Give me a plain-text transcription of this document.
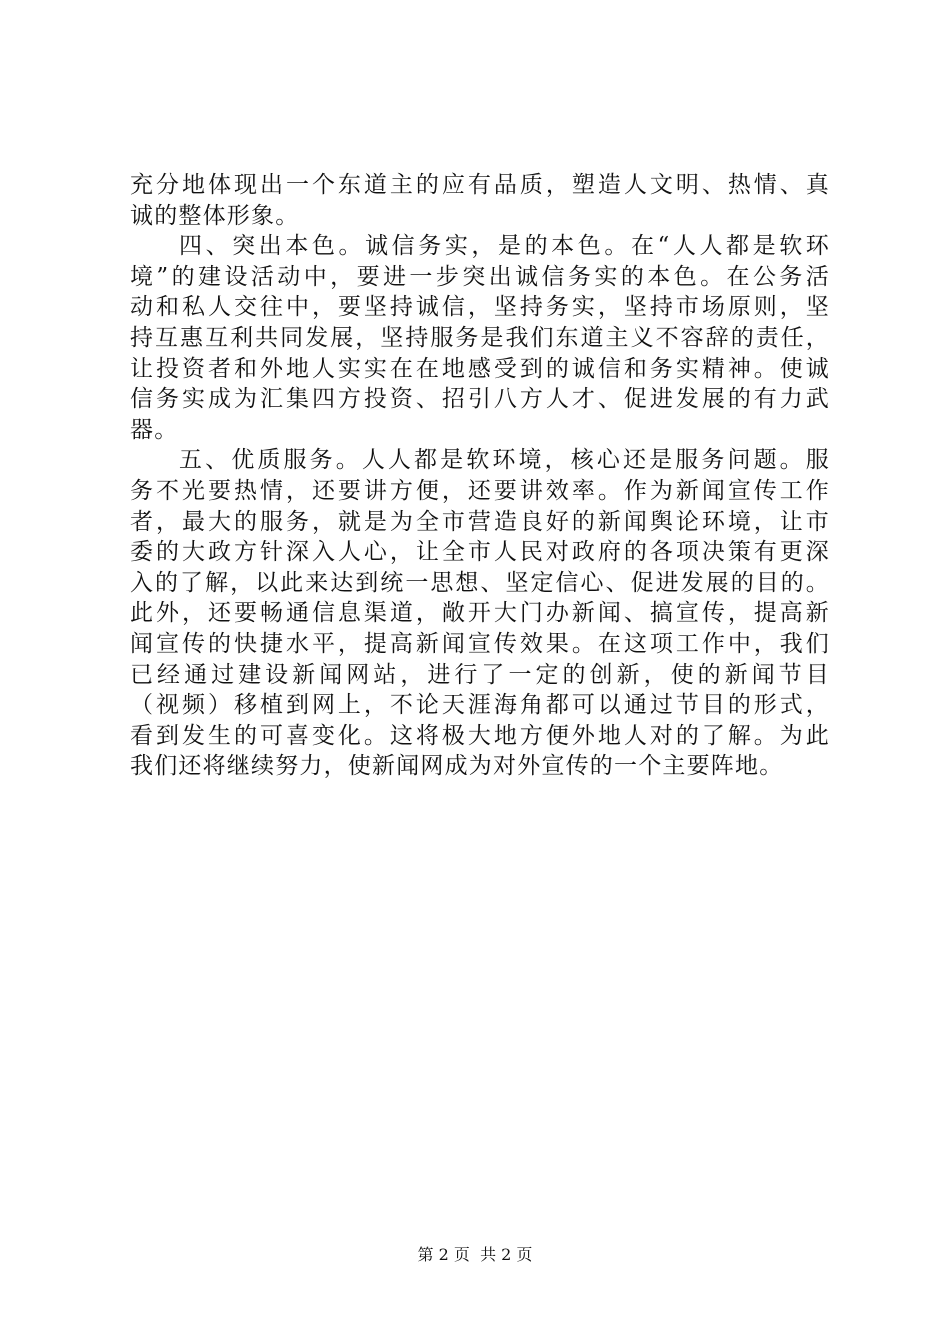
充分地体现出一个东道主的应有品质，塑造人文明、热情、真
诚的整体形象。
四、突出本色。诚信务实，是的本色。在“人人都是软环
境”的建设活动中，要进一步突出诚信务实的本色。在公务活
动和私人交往中，要坚持诚信，坚持务实，坚持市场原则，坚
持互惠互利共同发展，坚持服务是我们东道主义不容辞的责任，
让投资者和外地人实实在在地感受到的诚信和务实精神。使诚
信务实成为汇集四方投资、招引八方人才、促进发展的有力武
器。
五、优质服务。人人都是软环境，核心还是服务问题。服
务不光要热情，还要讲方便，还要讲效率。作为新闻宣传工作
者，最大的服务，就是为全市营造良好的新闻舆论环境，让市
委的大政方针深入人心，让全市人民对政府的各项决策有更深
入的了解，以此来达到统一思想、坚定信心、促进发展的目的。
此外，还要畅通信息渠道，敞开大门办新闻、搞宣传，提高新
闻宣传的快捷水平，提高新闻宣传效果。在这项工作中，我们
已经通过建设新闻网站，进行了一定的创新，使的新闻节目
（视频）移植到网上，不论天涯海角都可以通过节目的形式，
看到发生的可喜变化。这将极大地方便外地人对的了解。为此
我们还将继续努力，使新闻网成为对外宣传的一个主要阵地。
第 2 页  共 2 页
